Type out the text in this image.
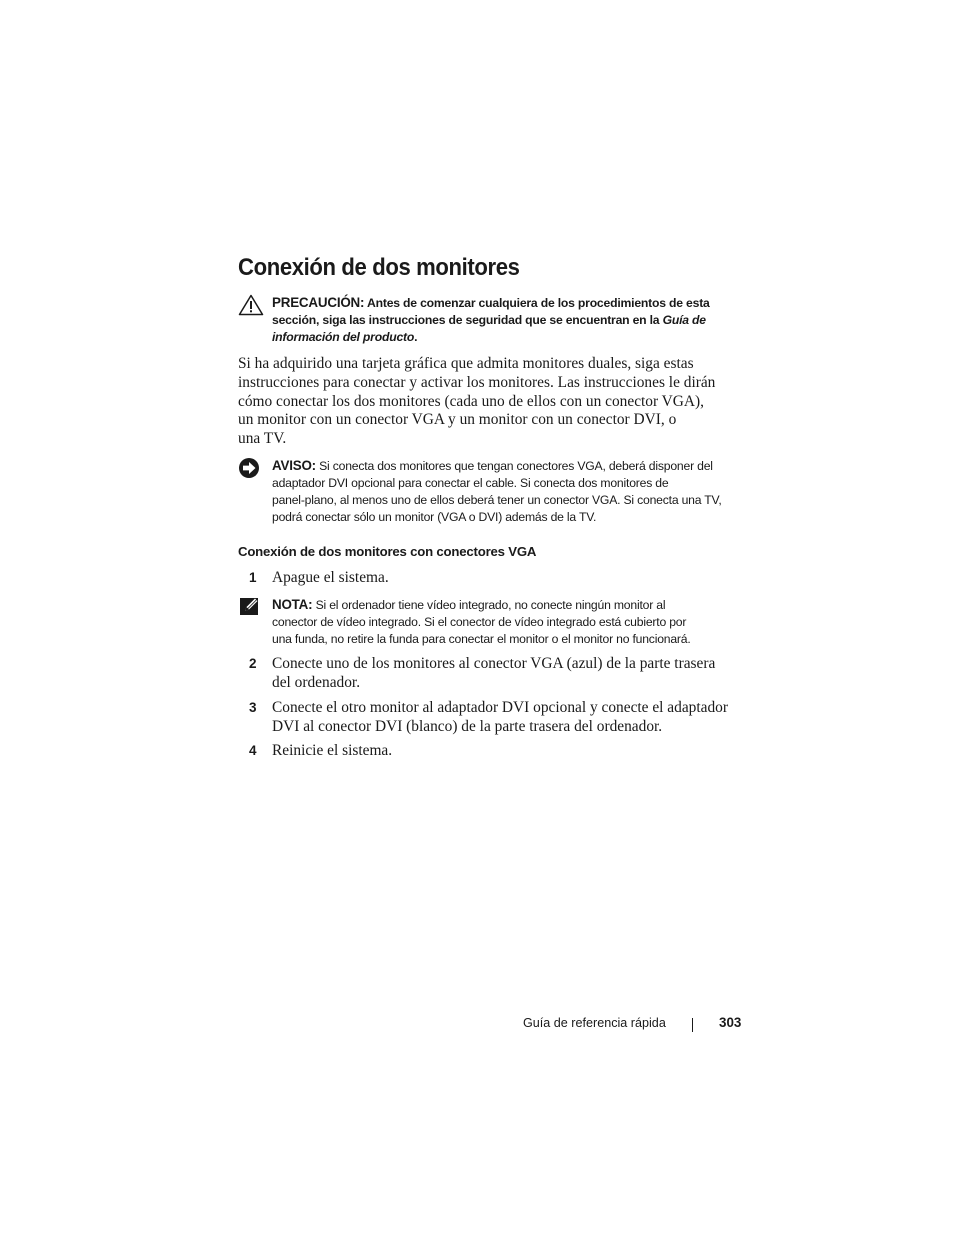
Conexión de dos monitores
PRECAUCIÓN: Antes de comenzar cualquiera de los procedimientos de esta
sección, siga las instrucciones de seguridad que se encuentran en la Guía de
información del producto.

Si ha adquirido una tarjeta gráfica que admita monitores duales, siga estas
instrucciones para conectar y activar los monitores. Las instrucciones le dirán
cómo conectar los dos monitores (cada uno de ellos con un conector VGA),
un monitor con un conector VGA y un monitor con un conector DVI, o
una TV.

AVISO: Si conecta dos monitores que tengan conectores VGA, deberá disponer del
adaptador DVI opcional para conectar el cable. Si conecta dos monitores de
panel-plano, al menos uno de ellos deberá tener un conector VGA. Si conecta una TV,
podrá conectar sólo un monitor (VGA o DVI) además de la TV.
Conexión de dos monitores con conectores VGA
1 Apague el sistema.
NOTA: Si el ordenador tiene vídeo integrado, no conecte ningún monitor al
conector de vídeo integrado. Si el conector de vídeo integrado está cubierto por
una funda, no retire la funda para conectar el monitor o el monitor no funcionará.
2 Conecte uno de los monitores al conector VGA (azul) de la parte trasera
del ordenador.
3 Conecte el otro monitor al adaptador DVI opcional y conecte el adaptador
DVI al conector DVI (blanco) de la parte trasera del ordenador.
4 Reinicie el sistema.
Guía de referencia rápida	303
